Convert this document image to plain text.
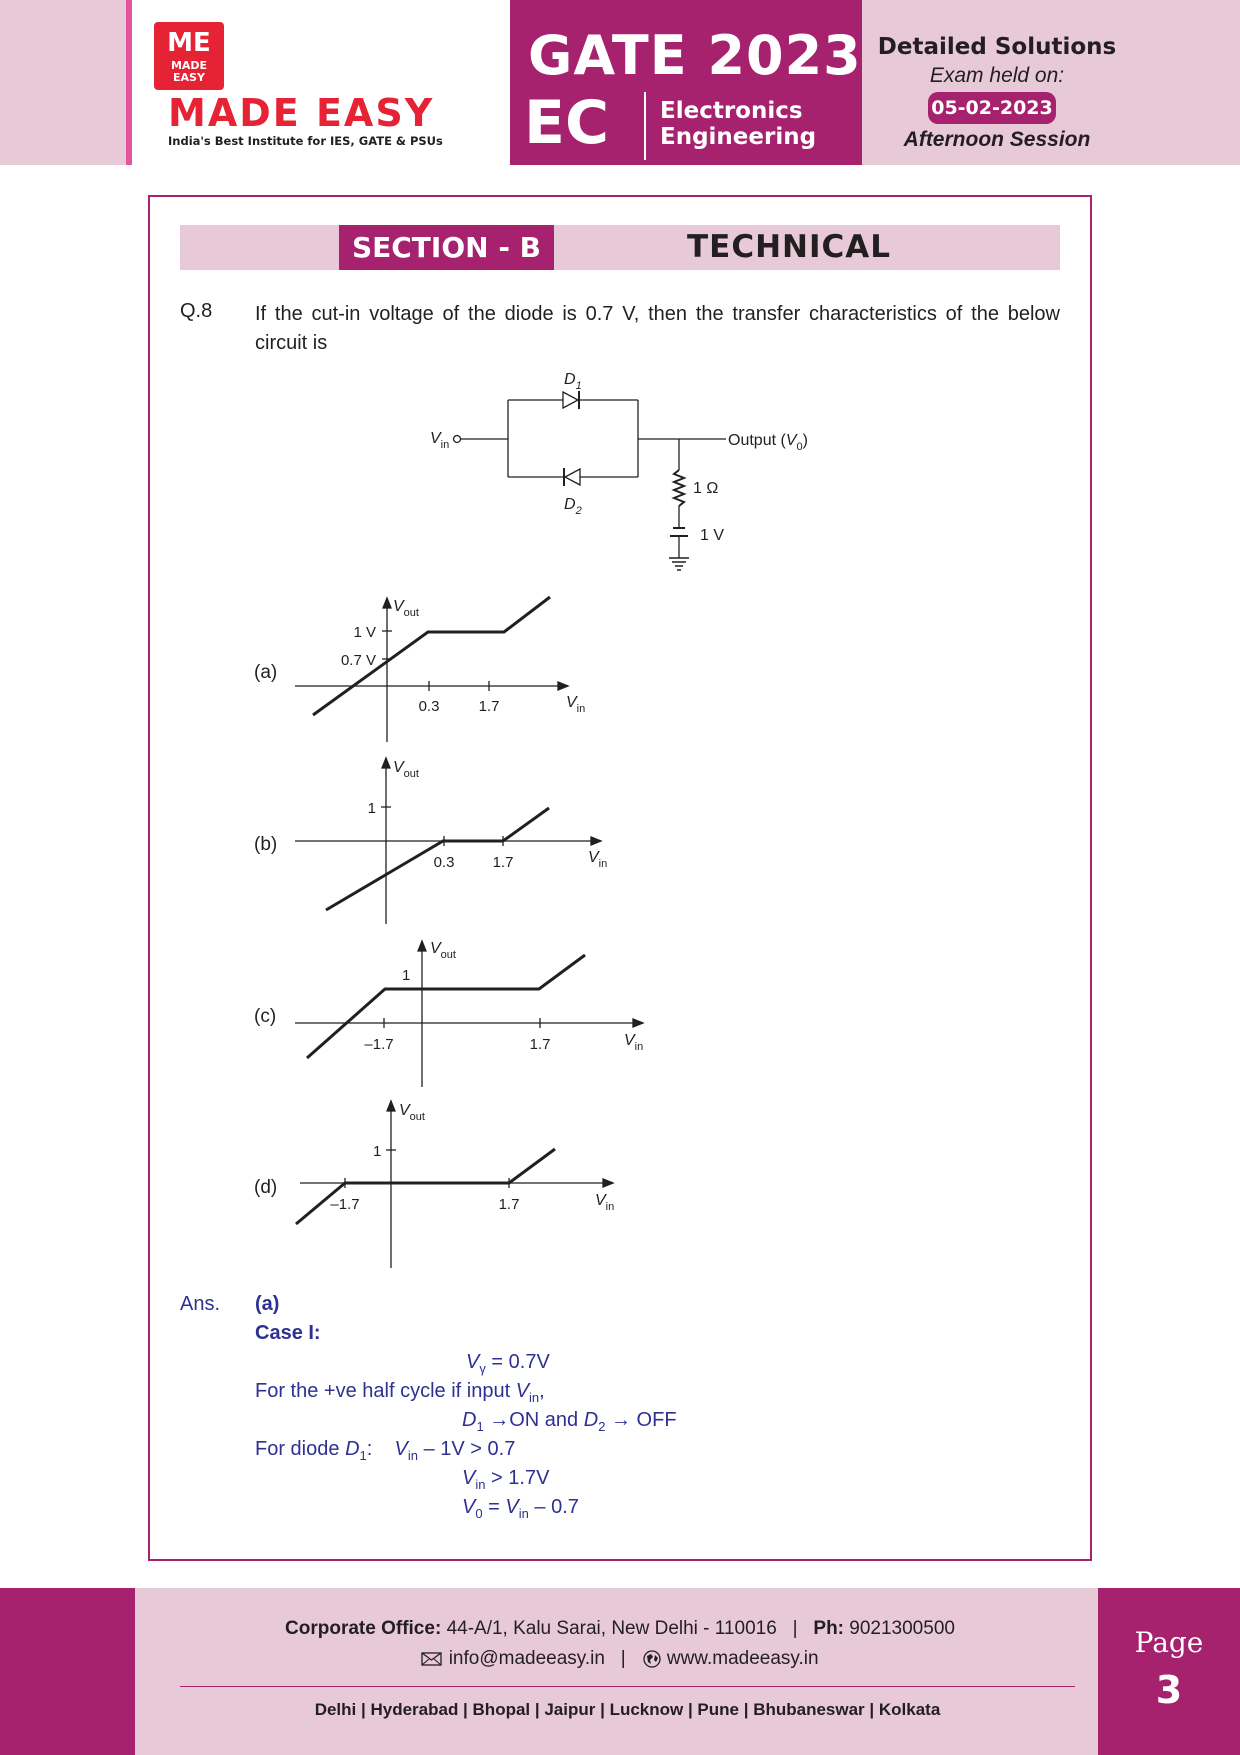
ME
MADE EASY
MADE EASY
India's Best Institute for IES, GATE & PSUs
GATE 2023
EC Electronics
Engineering
Detailed Solutions
Exam held on:
05-02-2023
Afternoon Session
SECTION - B	TECHNICAL
Q.8 If the cut-in voltage of the diode is 0.7 V, then the transfer characteristics of the below circuit is
$D_1$
$D_2$
$V_{in}$	Output $(V_0)$
1 Ω
1 V
(a)
(b)
(c)
(d)
$V_{out}$
1 V
0.7 V
0.3	1.7	$V_{in}$
$V_{out}$
1
0.3	1.7	$V_{in}$
$V_{out}$
1
–1.7	1.7	$V_{in}$
$V_{out}$
1
–1.7	1.7	$V_{in}$
Ans. (a)
Case I:
$V_\gamma = 0.7V$
For the +ve half cycle if input $V_{in}$,
$D_1 \to ON$ and $D_2$ → OFF
For diode $D_1$:    $V_{in} - 1V > 0.7$
$V_{in} > 1.7V$
$V_0 = V_{in} - 0.7$
Page
3
Corporate Office: 44-A/1, Kalu Sarai, New Delhi - 110016   |   Ph: 9021300500
info@madeeasy.in   |    www.madeeasy.in
Delhi | Hyderabad | Bhopal | Jaipur | Lucknow | Pune | Bhubaneswar | Kolkata
